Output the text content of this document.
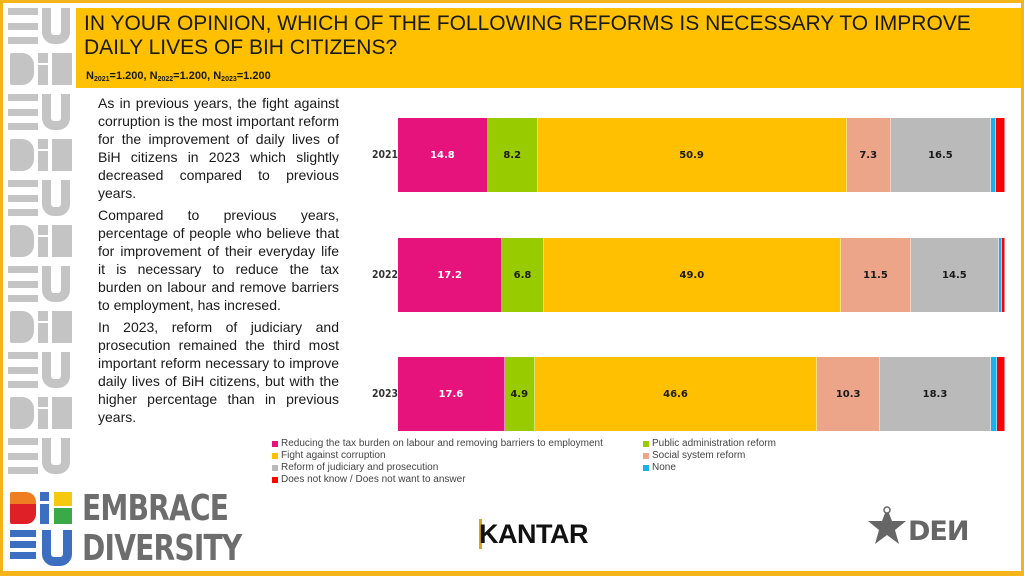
IN YOUR OPINION, WHICH OF THE FOLLOWING REFORMS IS NECESSARY TO IMPROVE DAILY LIVES OF BIH CITIZENS?
$N_{2021}=1.200$, $N_{2022}=1.200$, $N_{2023}=1.200$

As in previous years, the fight against corruption is the most important reform for the improvement of daily lives of BiH citizens in 2023 which slightly decreased compared to previous years.

Compared to previous years, percentage of people who believe that for improvement of their everyday life it is necessary to reduce the tax burden on labour and remove barriers to employment, has incresed.

In 2023, reform of judiciary and prosecution remained the third most important reform necessary to improve daily lives of BiH citizens, but with the higher percentage than in previous years.

2021	14.8	8.2	50.9	7.3	16.5
2022	17.2	6.8	49.0	11.5	14.5
2023	17.6	4.9	46.6	10.3	18.3
Reducing the tax burden on labour and removing barriers to employment	Public administration reform
Fight against corruption	Social system reform
Reform of judiciary and prosecution	None
Does not know / Does not want to answer
EMBRACE
DIVERSITY	KANTAR	DEИ
